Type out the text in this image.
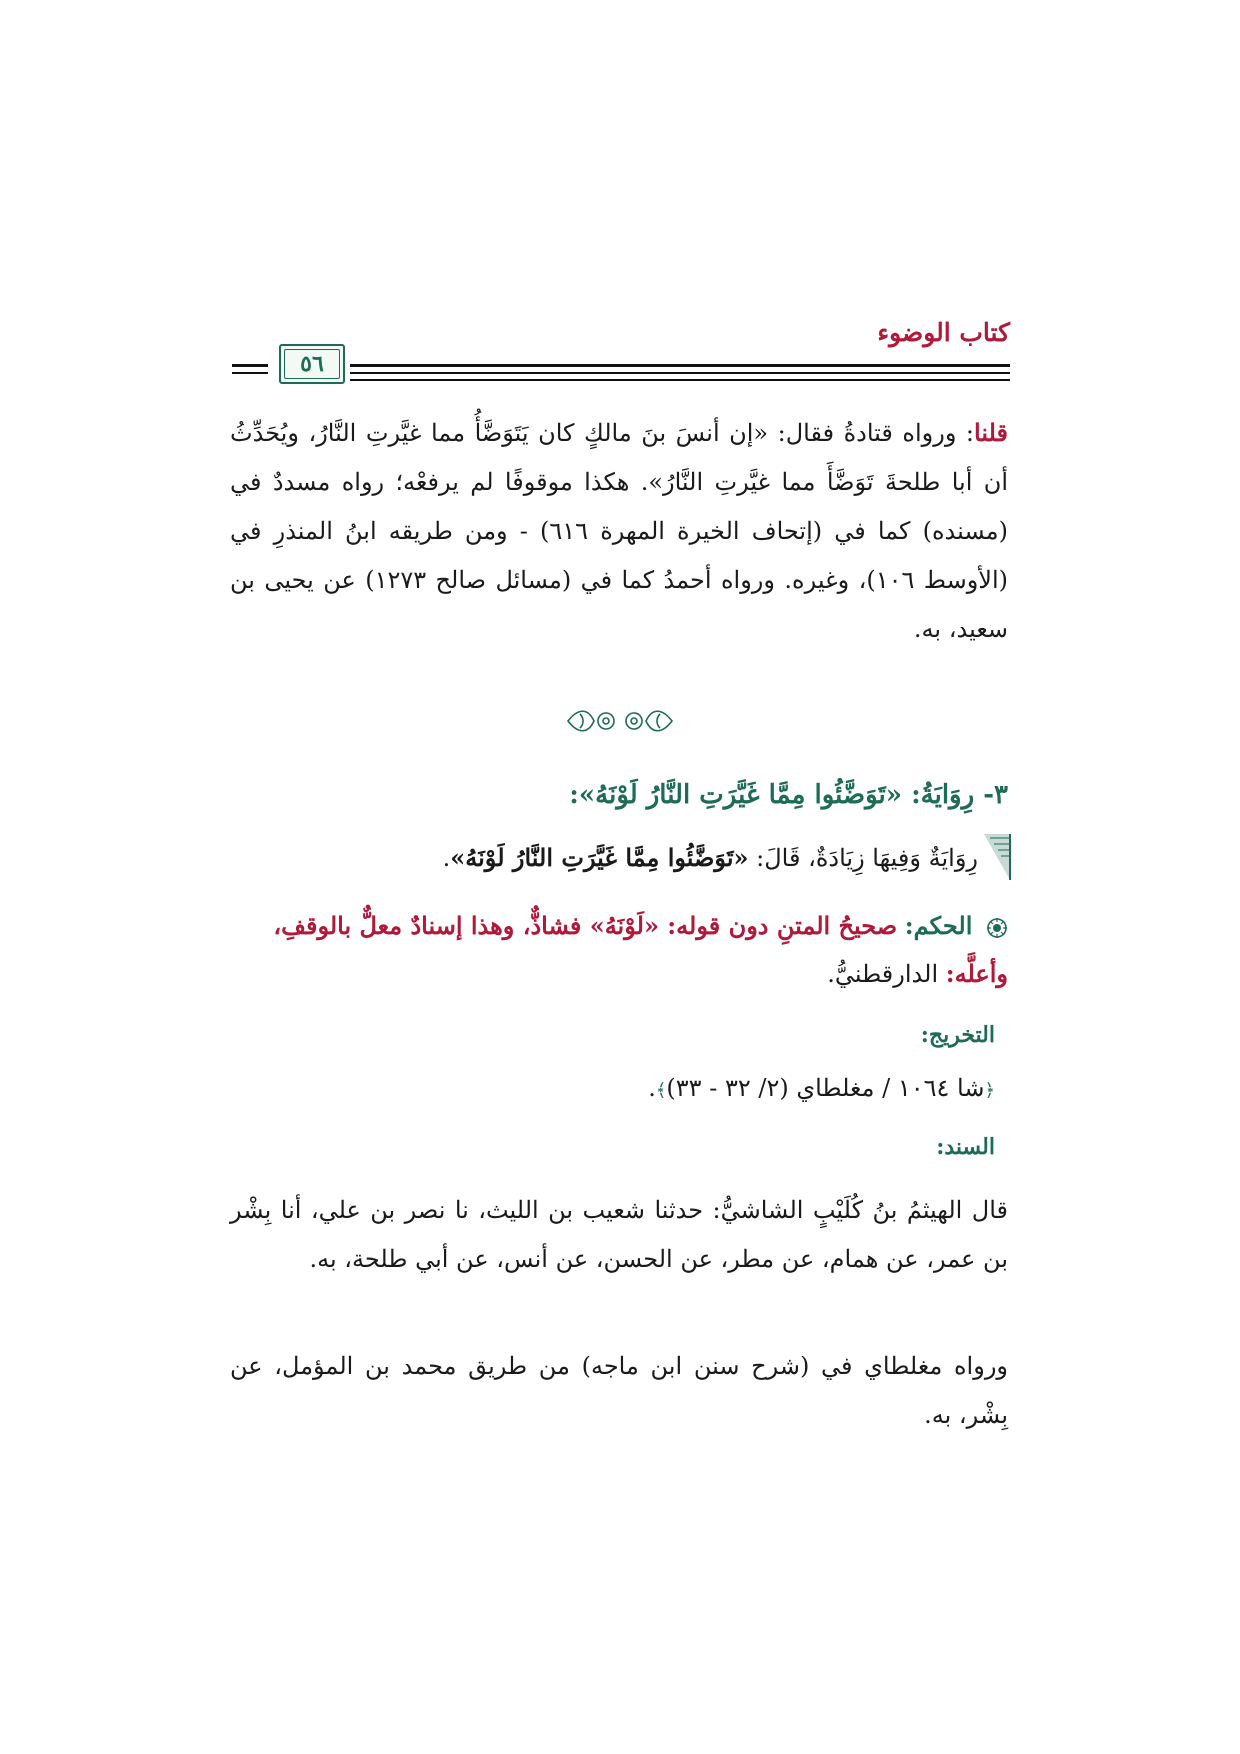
كتاب الوضوء
٥٦
قلنا: ورواه قتادةُ فقال: «إن أنسَ بنَ مالكٍ كان يَتَوَضَّأُ مما غيَّرتِ النَّارُ، ويُحَدِّثُ أن أبا طلحةَ تَوَضَّأَ مما غيَّرتِ النَّارُ». هكذا موقوفًا لم يرفعْه؛ رواه مسددٌ في (مسنده) كما في (إتحاف الخيرة المهرة ٦١٦) - ومن طريقه ابنُ المنذرِ في (الأوسط ١٠٦)، وغيره. ورواه أحمدُ كما في (مسائل صالح ١٢٧٣) عن يحيى بن سعيد، به.
٣- رِوَايَةُ: «تَوَضَّئُوا مِمَّا غَيَّرَتِ النَّارُ لَوْنَهُ»:
رِوَايَةٌ وَفِيهَا زِيَادَةٌ، قَالَ: «تَوَضَّئُوا مِمَّا غَيَّرَتِ النَّارُ لَوْنَهُ».
الحكم: صحيحُ المتنِ دون قوله: «لَوْنَهُ» فشاذٌّ، وهذا إسنادٌ معلٌّ بالوقفِ،
وأعلَّه: الدارقطنيُّ.
التخريج:
﴿شا ١٠٦٤ / مغلطاي (٢/ ٣٢ - ٣٣)﴾.
السند:
قال الهيثمُ بنُ كُلَيْبٍ الشاشيُّ: حدثنا شعيب بن الليث، نا نصر بن علي، أنا بِشْر بن عمر، عن همام، عن مطر، عن الحسن، عن أنس، عن أبي طلحة، به.
ورواه مغلطاي في (شرح سنن ابن ماجه) من طريق محمد بن المؤمل، عن بِشْر، به.
